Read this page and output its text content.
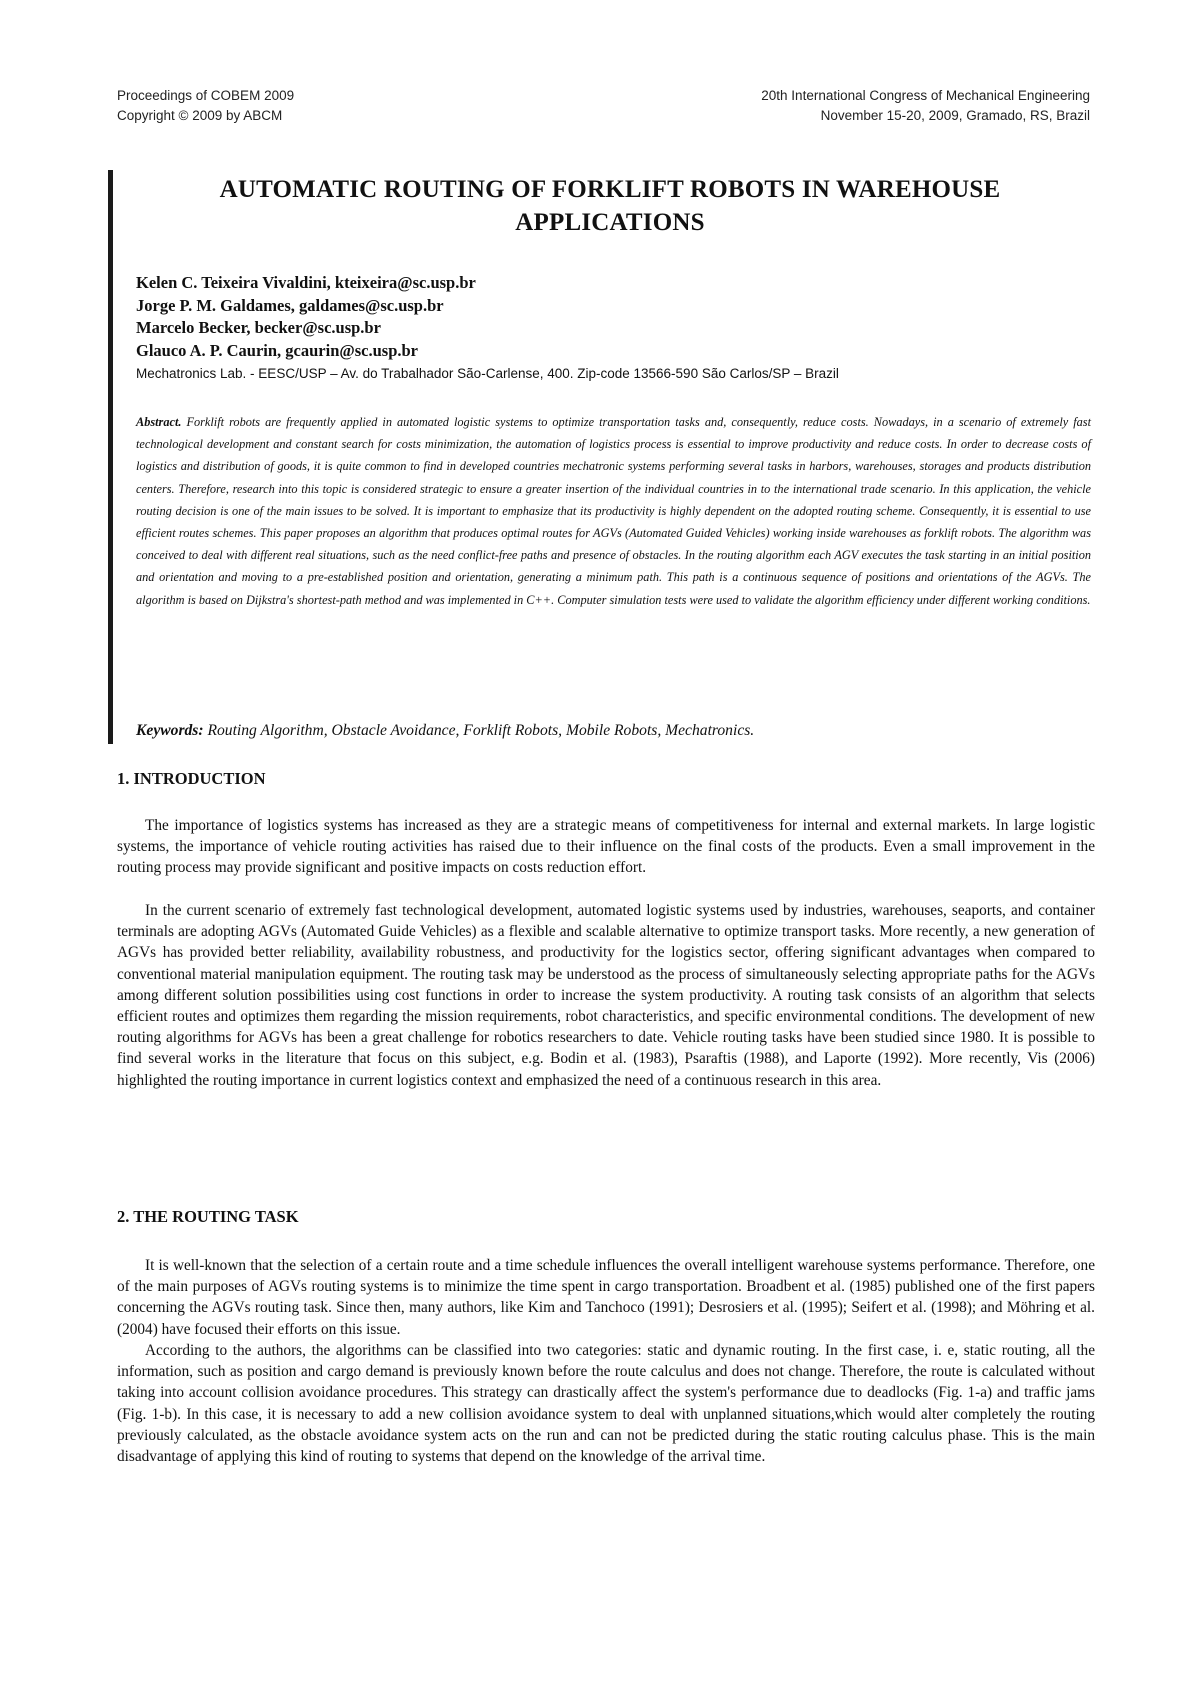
Proceedings of COBEM 2009
Copyright © 2009 by ABCM
20th International Congress of Mechanical Engineering
November 15-20, 2009, Gramado, RS, Brazil
AUTOMATIC ROUTING OF FORKLIFT ROBOTS IN WAREHOUSE
APPLICATIONS
Kelen C. Teixeira Vivaldini, kteixeira@sc.usp.br
Jorge P. M. Galdames, galdames@sc.usp.br
Marcelo Becker, becker@sc.usp.br
Glauco A. P. Caurin, gcaurin@sc.usp.br
Mechatronics Lab. - EESC/USP – Av. do Trabalhador São-Carlense, 400. Zip-code 13566-590 São Carlos/SP – Brazil

Abstract. Forklift robots are frequently applied in automated logistic systems to optimize transportation tasks and, consequently, reduce costs. Nowadays, in a scenario of extremely fast technological development and constant search for costs minimization, the automation of logistics process is essential to improve productivity and reduce costs. In order to decrease costs of logistics and distribution of goods, it is quite common to find in developed countries mechatronic systems performing several tasks in harbors, warehouses, storages and products distribution centers. Therefore, research into this topic is considered strategic to ensure a greater insertion of the individual countries in to the international trade scenario. In this application, the vehicle routing decision is one of the main issues to be solved. It is important to emphasize that its productivity is highly dependent on the adopted routing scheme. Consequently, it is essential to use efficient routes schemes. This paper proposes an algorithm that produces optimal routes for AGVs (Automated Guided Vehicles) working inside warehouses as forklift robots. The algorithm was conceived to deal with different real situations, such as the need conflict-free paths and presence of obstacles. In the routing algorithm each AGV executes the task starting in an initial position and orientation and moving to a pre-established position and orientation, generating a minimum path. This path is a continuous sequence of positions and orientations of the AGVs. The algorithm is based on Dijkstra's shortest-path method and was implemented in C++. Computer simulation tests were used to validate the algorithm efficiency under different working conditions.

Keywords: Routing Algorithm, Obstacle Avoidance, Forklift Robots, Mobile Robots, Mechatronics.

1. INTRODUCTION

The importance of logistics systems has increased as they are a strategic means of competitiveness for internal and external markets. In large logistic systems, the importance of vehicle routing activities has raised due to their influence on the final costs of the products. Even a small improvement in the routing process may provide significant and positive impacts on costs reduction effort.

In the current scenario of extremely fast technological development, automated logistic systems used by industries, warehouses, seaports, and container terminals are adopting AGVs (Automated Guide Vehicles) as a flexible and scalable alternative to optimize transport tasks. More recently, a new generation of AGVs has provided better reliability, availability robustness, and productivity for the logistics sector, offering significant advantages when compared to conventional material manipulation equipment. The routing task may be understood as the process of simultaneously selecting appropriate paths for the AGVs among different solution possibilities using cost functions in order to increase the system productivity. A routing task consists of an algorithm that selects efficient routes and optimizes them regarding the mission requirements, robot characteristics, and specific environmental conditions. The development of new routing algorithms for AGVs has been a great challenge for robotics researchers to date. Vehicle routing tasks have been studied since 1980. It is possible to find several works in the literature that focus on this subject, e.g. Bodin et al. (1983), Psaraftis (1988), and Laporte (1992). More recently, Vis (2006) highlighted the routing importance in current logistics context and emphasized the need of a continuous research in this area.

2. THE ROUTING TASK

It is well-known that the selection of a certain route and a time schedule influences the overall intelligent warehouse systems performance. Therefore, one of the main purposes of AGVs routing systems is to minimize the time spent in cargo transportation. Broadbent et al. (1985) published one of the first papers concerning the AGVs routing task. Since then, many authors, like Kim and Tanchoco (1991); Desrosiers et al. (1995); Seifert et al. (1998); and Möhring et al. (2004) have focused their efforts on this issue.

According to the authors, the algorithms can be classified into two categories: static and dynamic routing. In the first case, i. e, static routing, all the information, such as position and cargo demand is previously known before the route calculus and does not change. Therefore, the route is calculated without taking into account collision avoidance procedures. This strategy can drastically affect the system's performance due to deadlocks (Fig. 1-a) and traffic jams (Fig. 1-b). In this case, it is necessary to add a new collision avoidance system to deal with unplanned situations,which would alter completely the routing previously calculated, as the obstacle avoidance system acts on the run and can not be predicted during the static routing calculus phase. This is the main disadvantage of applying this kind of routing to systems that depend on the knowledge of the arrival time.
